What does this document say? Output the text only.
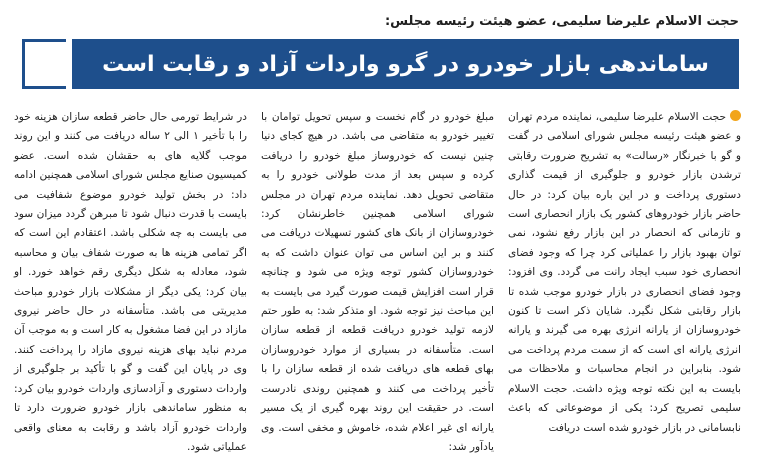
حجت الاسلام علیرضا سلیمی، عضو هیئت رئیسه مجلس:
ساماندهی بازار خودرو در گرو واردات آزاد و رقابت است

حجت الاسلام علیرضا سلیمی، نماینده مردم تهران و عضو هیئت رئیسه مجلس شورای اسلامی در گفت و گو با خبرنگار «رسالت» به تشریح ضرورت رقابتی ترشدن بازار خودرو و جلوگیری از قیمت گذاری دستوری پرداخت و در این باره بیان کرد: در حال حاضر بازار خودروهای کشور یک بازار انحصاری است و تازمانی که انحصار در این بازار رفع نشود، نمی توان بهبود بازار را عملیاتی کرد چرا که وجود فضای انحصاری خود سبب ایجاد رانت می گردد. وی افزود: وجود فضای انحصاری در بازار خودرو موجب شده تا بازار رقابتی شکل نگیرد. شایان ذکر است تا کنون خودروسازان از یارانه انرژی بهره می گیرند و یارانه انرژی یارانه ای است که از سمت مردم پرداخت می شود. بنابراین در انجام محاسبات و ملاحظات می بایست به این نکته توجه ویژه داشت. حجت الاسلام سلیمی تصریح کرد: یکی از موضوعاتی که باعث نابسامانی در بازار خودرو شده است دریافت

مبلغ خودرو در گام نخست و سپس تحویل توامان با تغییر خودرو به متقاضی می باشد. در هیچ کجای دنیا چنین نیست که خودروساز مبلغ خودرو را دریافت کرده و سپس بعد از مدت طولانی خودرو را به متقاضی تحویل دهد. نماینده مردم تهران در مجلس شورای اسلامی همچنین خاطرنشان کرد: خودروسازان از بانک های کشور تسهیلات دریافت می کنند و بر این اساس می توان عنوان داشت که به خودروسازان کشور توجه ویژه می شود و چنانچه قرار است افزایش قیمت صورت گیرد می بایست به این مباحث نیز توجه شود. او متذکر شد: به طور حتم لازمه تولید خودرو دریافت قطعه از قطعه سازان است. متأسفانه در بسیاری از موارد خودروسازان بهای قطعه های دریافت شده از قطعه سازان را با تأخیر پرداخت می کنند و همچنین روندی نادرست است. در حقیقت این روند بهره گیری از یک مسیر یارانه ای غیر اعلام شده، خاموش و مخفی است. وی یادآور شد:

در شرایط تورمی حال حاضر قطعه سازان هزینه خود را با تأخیر ۱ الی ۲ ساله دریافت می کنند و این روند موجب گلایه های به حقشان شده است. عضو کمیسیون صنایع مجلس شورای اسلامی همچنین ادامه داد: در بخش تولید خودرو موضوع شفافیت می بایست با قدرت دنبال شود تا مبرهن گردد میزان سود می بایست به چه شکلی باشد. اعتقادم این است که اگر تمامی هزینه ها به صورت شفاف بیان و محاسبه شود، معادله به شکل دیگری رقم خواهد خورد. او بیان کرد: یکی دیگر از مشکلات بازار خودرو مباحث مدیریتی می باشد. متأسفانه در حال حاضر نیروی مازاد در این فضا مشغول به کار است و به موجب آن مردم نباید بهای هزینه نیروی مازاد را پرداخت کنند. وی در پایان این گفت و گو با تأکید بر جلوگیری از واردات دستوری و آزادسازی واردات خودرو بیان کرد: به منظور ساماندهی بازار خودرو ضرورت دارد تا واردات خودرو آزاد باشد و رقابت به معنای واقعی عملیاتی شود.
